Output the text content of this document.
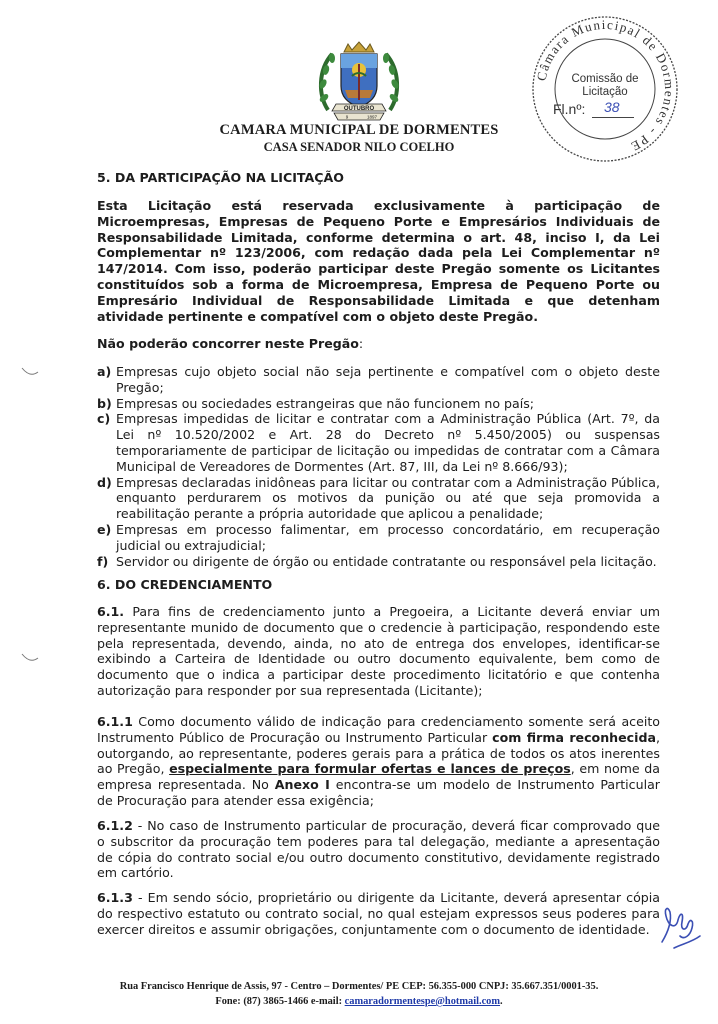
OUTUBRO
9	1897
CAMARA MUNICIPAL DE DORMENTES
CASA SENADOR NILO COELHO
Câmara Municipal de Dormentes - PE
Comissão de
Licitação
Fl.nº: 38
5. DA PARTICIPAÇÃO NA LICITAÇÃO
Esta Licitação está reservada exclusivamente à participação de Microempresas, Empresas de Pequeno Porte e Empresários Individuais de Responsabilidade Limitada, conforme determina o art. 48, inciso I, da Lei Complementar nº 123/2006, com redação dada pela Lei Complementar nº 147/2014. Com isso, poderão participar deste Pregão somente os Licitantes constituídos sob a forma de Microempresa, Empresa de Pequeno Porte ou Empresário Individual de Responsabilidade Limitada e que detenham atividade pertinente e compatível com o objeto deste Pregão.
Não poderão concorrer neste Pregão:
a) Empresas cujo objeto social não seja pertinente e compatível com o objeto deste Pregão;
b) Empresas ou sociedades estrangeiras que não funcionem no país;
c) Empresas impedidas de licitar e contratar com a Administração Pública (Art. 7º, da Lei nº 10.520/2002 e Art. 28 do Decreto nº 5.450/2005) ou suspensas temporariamente de participar de licitação ou impedidas de contratar com a Câmara Municipal de Vereadores de Dormentes (Art. 87, III, da Lei nº 8.666/93);
d) Empresas declaradas inidôneas para licitar ou contratar com a Administração Pública, enquanto perdurarem os motivos da punição ou até que seja promovida a reabilitação perante a própria autoridade que aplicou a penalidade;
e) Empresas em processo falimentar, em processo concordatário, em recuperação judicial ou extrajudicial;
f) Servidor ou dirigente de órgão ou entidade contratante ou responsável pela licitação.
6. DO CREDENCIAMENTO
6.1. Para fins de credenciamento junto a Pregoeira, a Licitante deverá enviar um representante munido de documento que o credencie à participação, respondendo este pela representada, devendo, ainda, no ato de entrega dos envelopes, identificar-se exibindo a Carteira de Identidade ou outro documento equivalente, bem como de documento que o indica a participar deste procedimento licitatório e que contenha autorização para responder por sua representada (Licitante);
6.1.1 Como documento válido de indicação para credenciamento somente será aceito Instrumento Público de Procuração ou Instrumento Particular com firma reconhecida, outorgando, ao representante, poderes gerais para a prática de todos os atos inerentes ao Pregão, especialmente para formular ofertas e lances de preços, em nome da empresa representada. No Anexo I encontra-se um modelo de Instrumento Particular de Procuração para atender essa exigência;
6.1.2 - No caso de Instrumento particular de procuração, deverá ficar comprovado que o subscritor da procuração tem poderes para tal delegação, mediante a apresentação de cópia do contrato social e/ou outro documento constitutivo, devidamente registrado em cartório.
6.1.3 - Em sendo sócio, proprietário ou dirigente da Licitante, deverá apresentar cópia do respectivo estatuto ou contrato social, no qual estejam expressos seus poderes para exercer direitos e assumir obrigações, conjuntamente com o documento de identidade.
Rua Francisco Henrique de Assis, 97 - Centro – Dormentes/ PE CEP: 56.355-000 CNPJ: 35.667.351/0001-35.
Fone: (87) 3865-1466 e-mail: camaradormentespe@hotmail.com.
